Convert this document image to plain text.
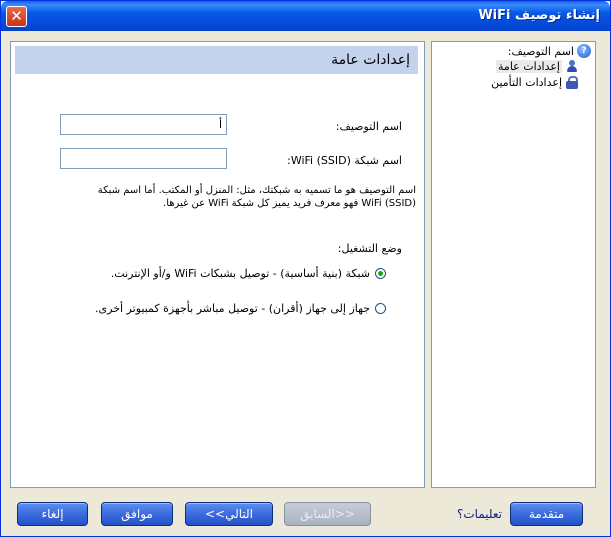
✕	إنشاء توصيف WiFi
إعدادات عامة
اسم التوصيف:
أ
اسم شبكة WiFi (SSID):
اسم التوصيف هو ما تسميه به شبكتك، مثل: المنزل أو المكتب. أما اسم شبكة WiFi (SSID) فهو معرف فريد يميز كل شبكة WiFi عن غيرها.
وضع التشغيل:
شبكة (بنية أساسية) - توصيل بشبكات WiFi و/أو الإنترنت.
جهاز إلى جهاز (أقران) - توصيل مباشر بأجهزة كمبيوتر أخرى.
?
اسم التوصيف:
إعدادات عامة
إعدادات التأمين
متقدمة
تعليمات؟
<<السابق
التالي>>
موافق
إلغاء
